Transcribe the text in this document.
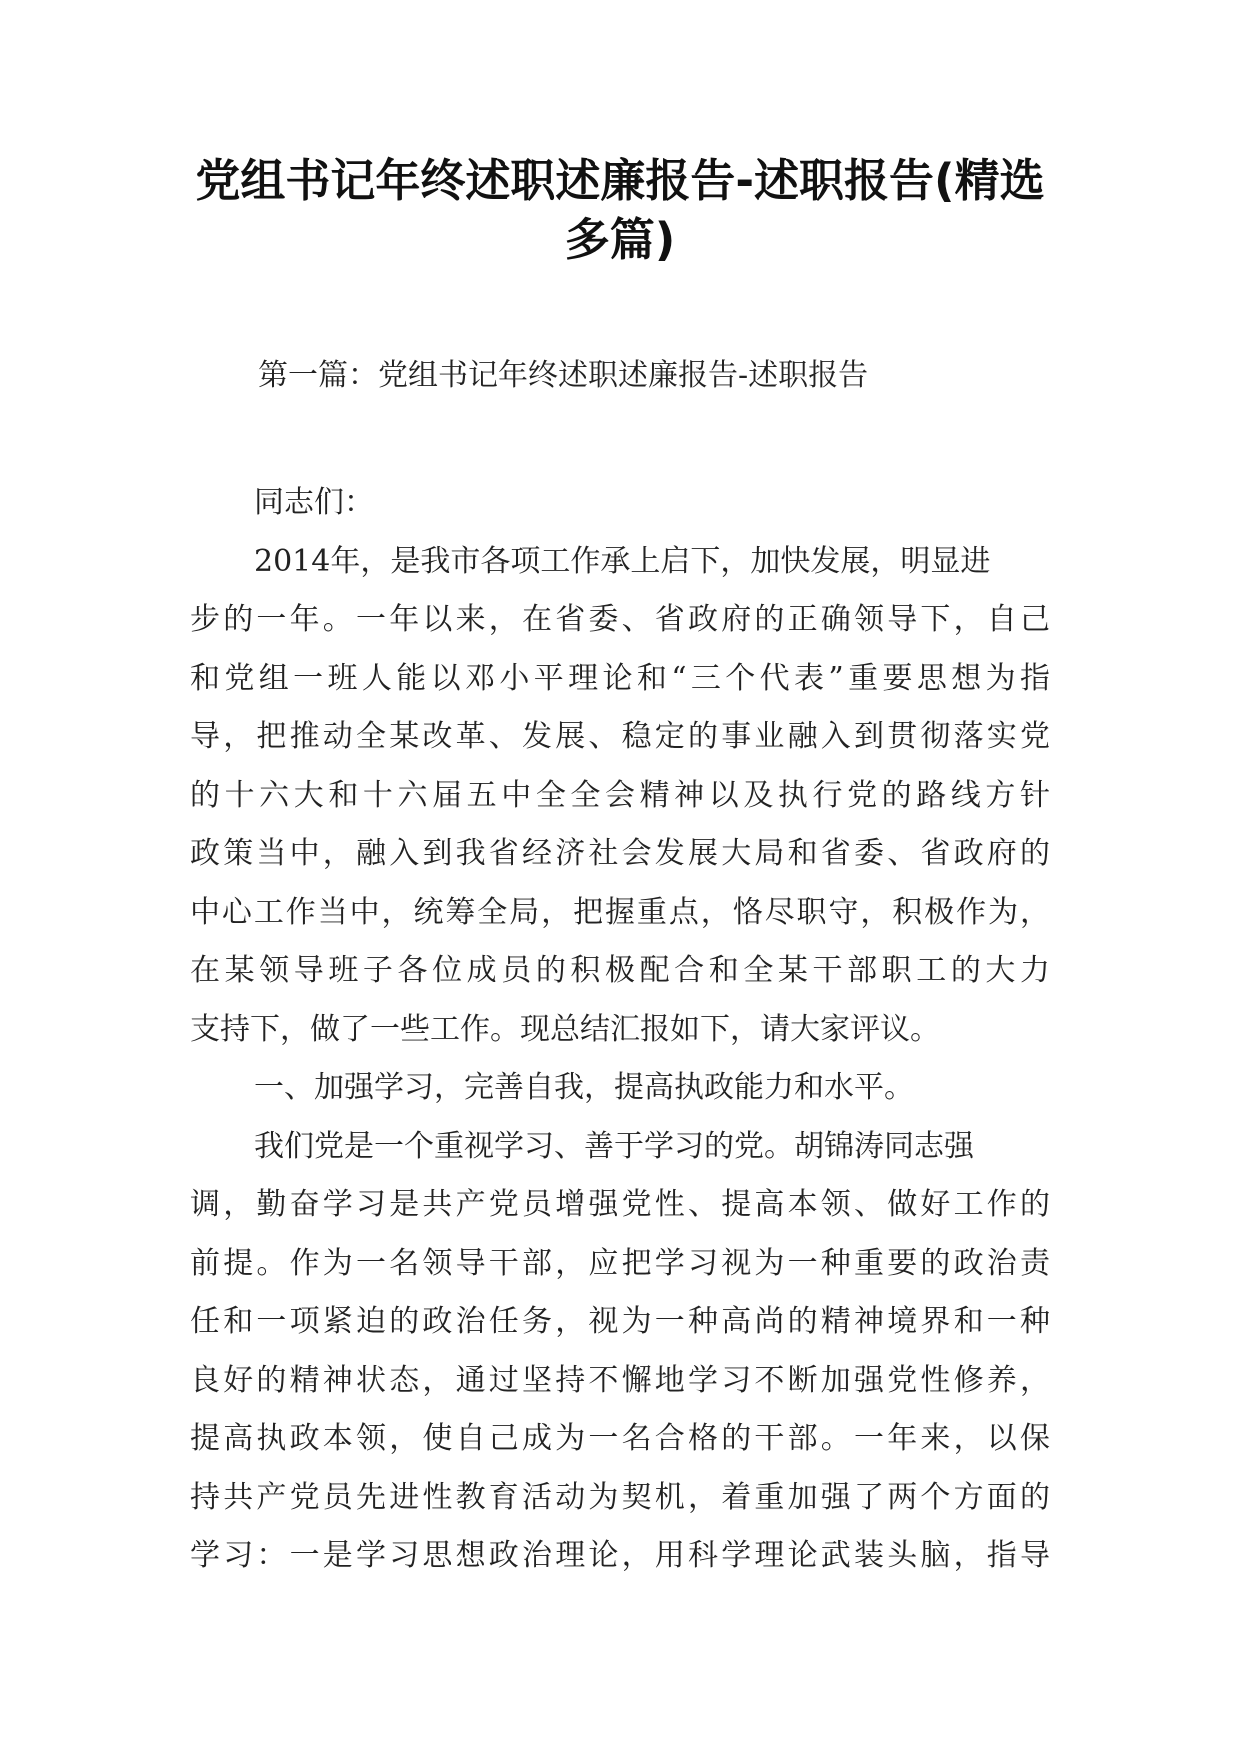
党组书记年终述职述廉报告-述职报告(精选
多篇)

第一篇：党组书记年终述职述廉报告-述职报告

同志们：
2014年，是我市各项工作承上启下，加快发展，明显进
步的一年。一年以来，在省委、省政府的正确领导下，自己
和党组一班人能以邓小平理论和“三个代表”重要思想为指
导，把推动全某改革、发展、稳定的事业融入到贯彻落实党
的十六大和十六届五中全全会精神以及执行党的路线方针
政策当中，融入到我省经济社会发展大局和省委、省政府的
中心工作当中，统筹全局，把握重点，恪尽职守，积极作为，
在某领导班子各位成员的积极配合和全某干部职工的大力
支持下，做了一些工作。现总结汇报如下，请大家评议。
一、加强学习，完善自我，提高执政能力和水平。
我们党是一个重视学习、善于学习的党。胡锦涛同志强
调，勤奋学习是共产党员增强党性、提高本领、做好工作的
前提。作为一名领导干部，应把学习视为一种重要的政治责
任和一项紧迫的政治任务，视为一种高尚的精神境界和一种
良好的精神状态，通过坚持不懈地学习不断加强党性修养，
提高执政本领，使自己成为一名合格的干部。一年来，以保
持共产党员先进性教育活动为契机，着重加强了两个方面的
学习：一是学习思想政治理论，用科学理论武装头脑，指导
